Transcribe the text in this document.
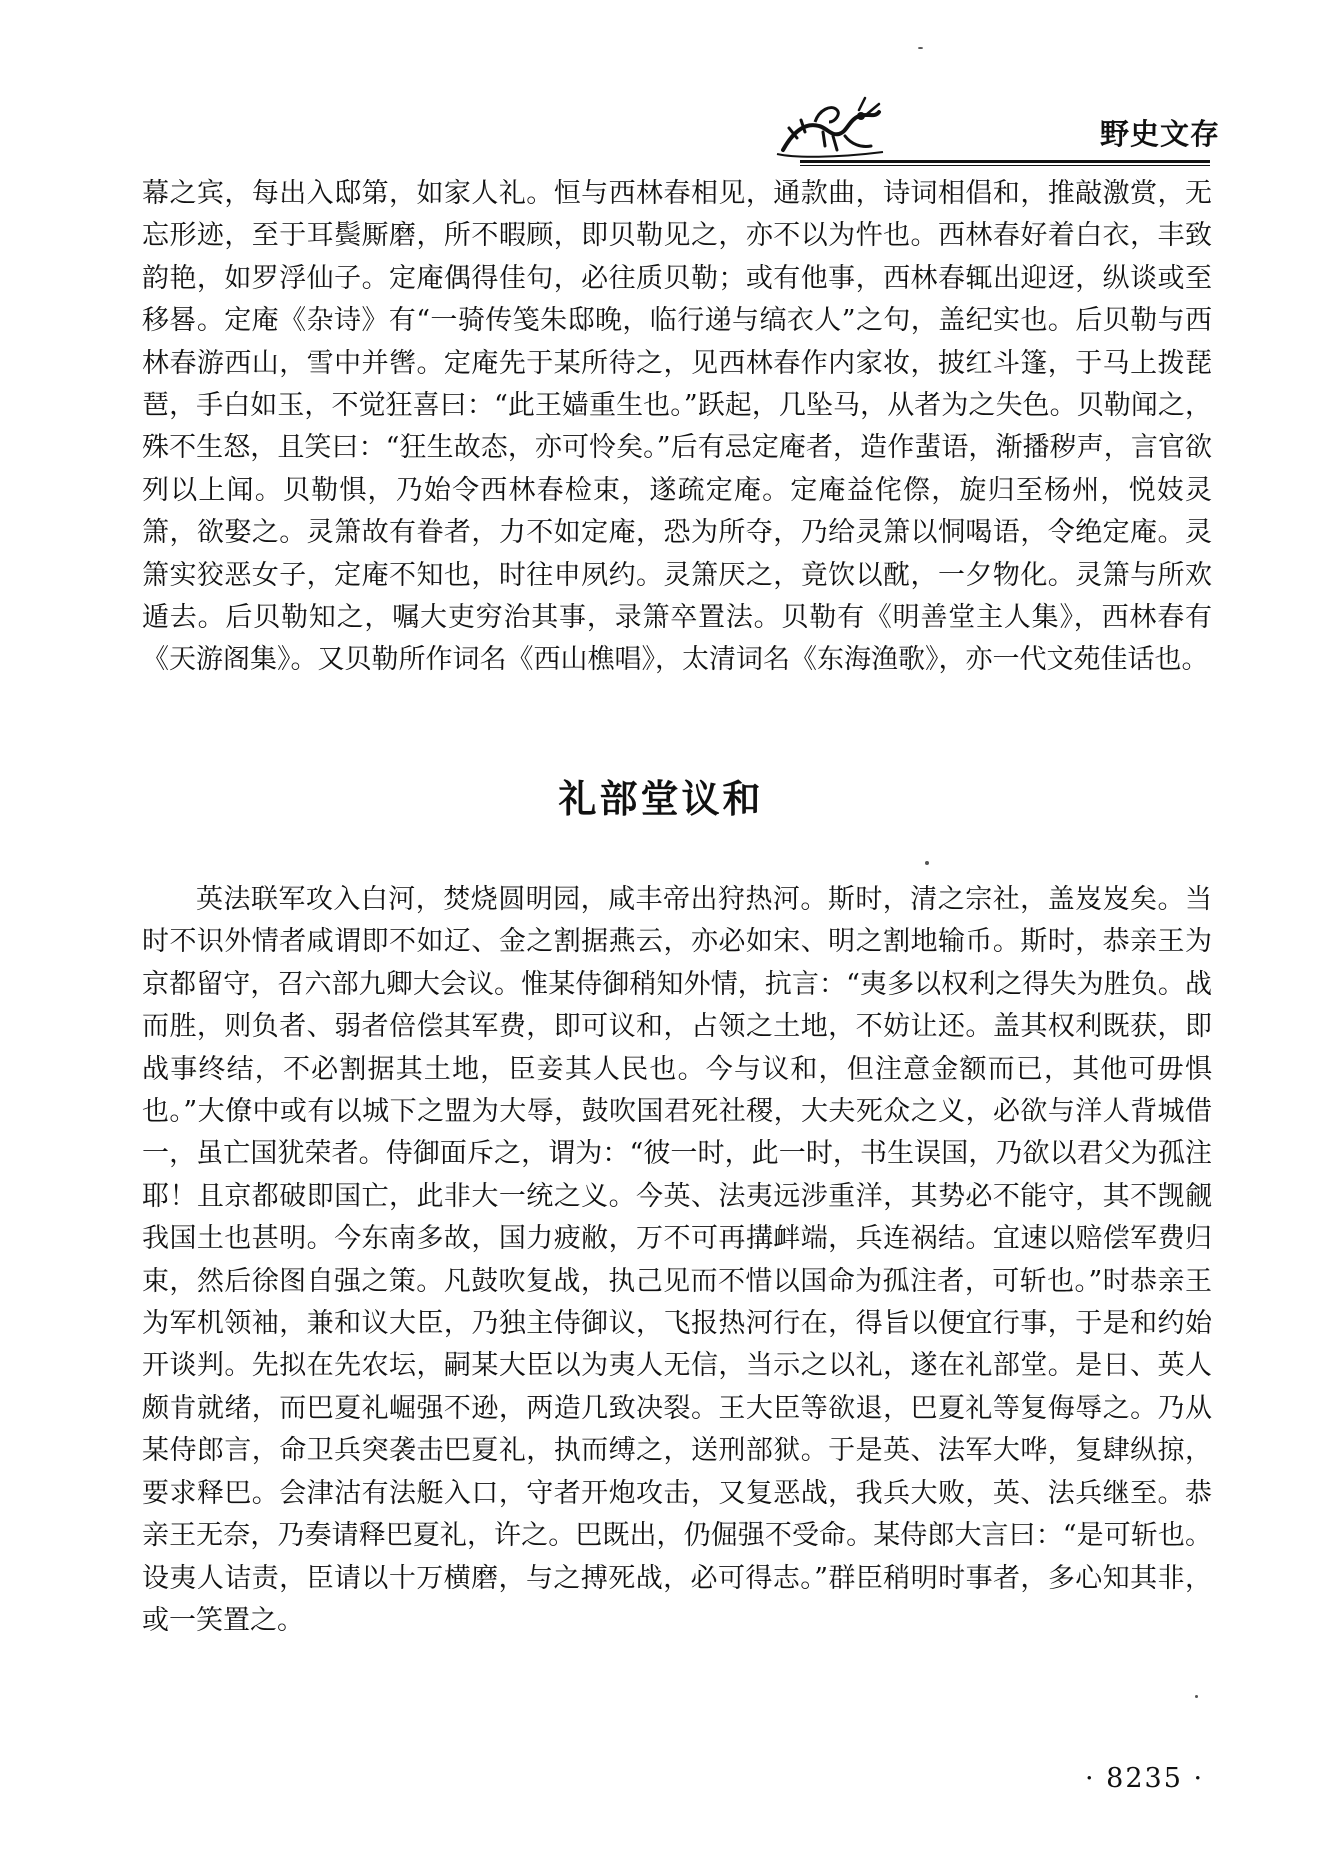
野史文存

幕之宾，每出入邸第，如家人礼。恒与西林春相见，通款曲，诗词相倡和，推敲激赏，无忘形迹，至于耳鬓厮磨，所不暇顾，即贝勒见之，亦不以为忤也。西林春好着白衣，丰致韵艳，如罗浮仙子。定庵偶得佳句，必往质贝勒；或有他事，西林春辄出迎迓，纵谈或至移晷。定庵《杂诗》有“一骑传笺朱邸晚，临行递与缟衣人”之句，盖纪实也。后贝勒与西林春游西山，雪中并辔。定庵先于某所待之，见西林春作内家妆，披红斗篷，于马上拨琵琶，手白如玉，不觉狂喜曰：“此王嫱重生也。”跃起，几坠马，从者为之失色。贝勒闻之，殊不生怒，且笑曰：“狂生故态，亦可怜矣。”后有忌定庵者，造作蜚语，渐播秽声，言官欲列以上闻。贝勒惧，乃始令西林春检束，遂疏定庵。定庵益侘傺，旋归至杨州，悦妓灵箫，欲娶之。灵箫故有眷者，力不如定庵，恐为所夺，乃给灵箫以恫喝语，令绝定庵。灵箫实狡恶女子，定庵不知也，时往申夙约。灵箫厌之，竟饮以酖，一夕物化。灵箫与所欢遁去。后贝勒知之，嘱大吏穷治其事，录箫卒置法。贝勒有《明善堂主人集》，西林春有《天游阁集》。又贝勒所作词名《西山樵唱》，太清词名《东海渔歌》，亦一代文苑佳话也。

礼部堂议和

英法联军攻入白河，焚烧圆明园，咸丰帝出狩热河。斯时，清之宗社，盖岌岌矣。当时不识外情者咸谓即不如辽、金之割据燕云，亦必如宋、明之割地输币。斯时，恭亲王为京都留守，召六部九卿大会议。惟某侍御稍知外情，抗言：“夷多以权利之得失为胜负。战而胜，则负者、弱者倍偿其军费，即可议和，占领之土地，不妨让还。盖其权利既获，即战事终结，不必割据其土地，臣妾其人民也。今与议和，但注意金额而已，其他可毋惧也。”大僚中或有以城下之盟为大辱，鼓吹国君死社稷，大夫死众之义，必欲与洋人背城借一，虽亡国犹荣者。侍御面斥之，谓为：“彼一时，此一时，书生误国，乃欲以君父为孤注耶！且京都破即国亡，此非大一统之义。今英、法夷远涉重洋，其势必不能守，其不觊觎我国土也甚明。今东南多故，国力疲敝，万不可再搆衅端，兵连祸结。宜速以赔偿军费归束，然后徐图自强之策。凡鼓吹复战，执己见而不惜以国命为孤注者，可斩也。”时恭亲王为军机领袖，兼和议大臣，乃独主侍御议，飞报热河行在，得旨以便宜行事，于是和约始开谈判。先拟在先农坛，嗣某大臣以为夷人无信，当示之以礼，遂在礼部堂。是日、英人颇肯就绪，而巴夏礼崛强不逊，两造几致决裂。王大臣等欲退，巴夏礼等复侮辱之。乃从某侍郎言，命卫兵突袭击巴夏礼，执而缚之，送刑部狱。于是英、法军大哗，复肆纵掠，要求释巴。会津沽有法艇入口，守者开炮攻击，又复恶战，我兵大败，英、法兵继至。恭亲王无奈，乃奏请释巴夏礼，许之。巴既出，仍倔强不受命。某侍郎大言曰：“是可斩也。设夷人诘责，臣请以十万横磨，与之搏死战，必可得志。”群臣稍明时事者，多心知其非，或一笑置之。

· 8235 ·
